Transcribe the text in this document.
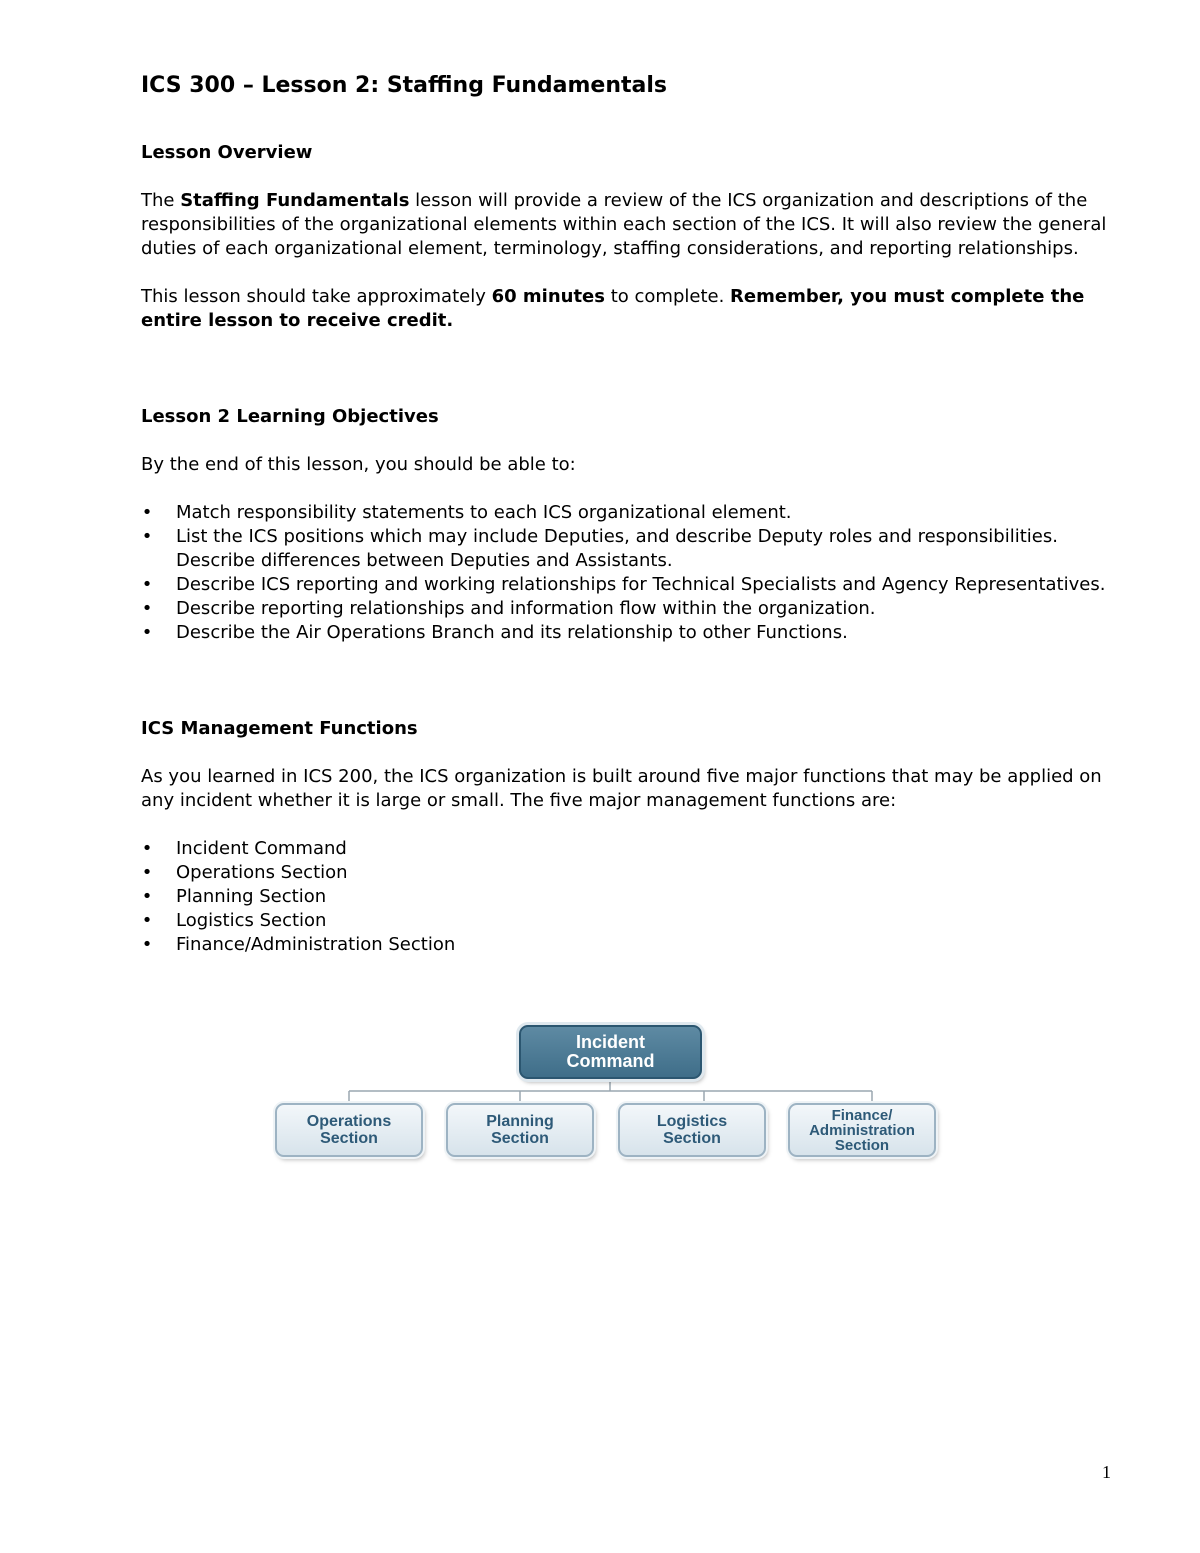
ICS 300 – Lesson 2: Staffing Fundamentals
Lesson Overview

The Staffing Fundamentals lesson will provide a review of the ICS organization and descriptions of the responsibilities of the organizational elements within each section of the ICS. It will also review the general duties of each organizational element, terminology, staffing considerations, and reporting relationships.

This lesson should take approximately 60 minutes to complete. Remember, you must complete the entire lesson to receive credit.

Lesson 2 Learning Objectives

By the end of this lesson, you should be able to:

• Match responsibility statements to each ICS organizational element.
• List the ICS positions which may include Deputies, and describe Deputy roles and responsibilities. Describe differences between Deputies and Assistants.
• Describe ICS reporting and working relationships for Technical Specialists and Agency Representatives.
• Describe reporting relationships and information flow within the organization.
• Describe the Air Operations Branch and its relationship to other Functions.
ICS Management Functions

As you learned in ICS 200, the ICS organization is built around five major functions that may be applied on any incident whether it is large or small. The five major management functions are:

• Incident Command
• Operations Section
• Planning Section
• Logistics Section
• Finance/Administration Section
Incident
Command
Operations
Section
Planning
Section
Logistics
Section
Finance/
Administration
Section
1
